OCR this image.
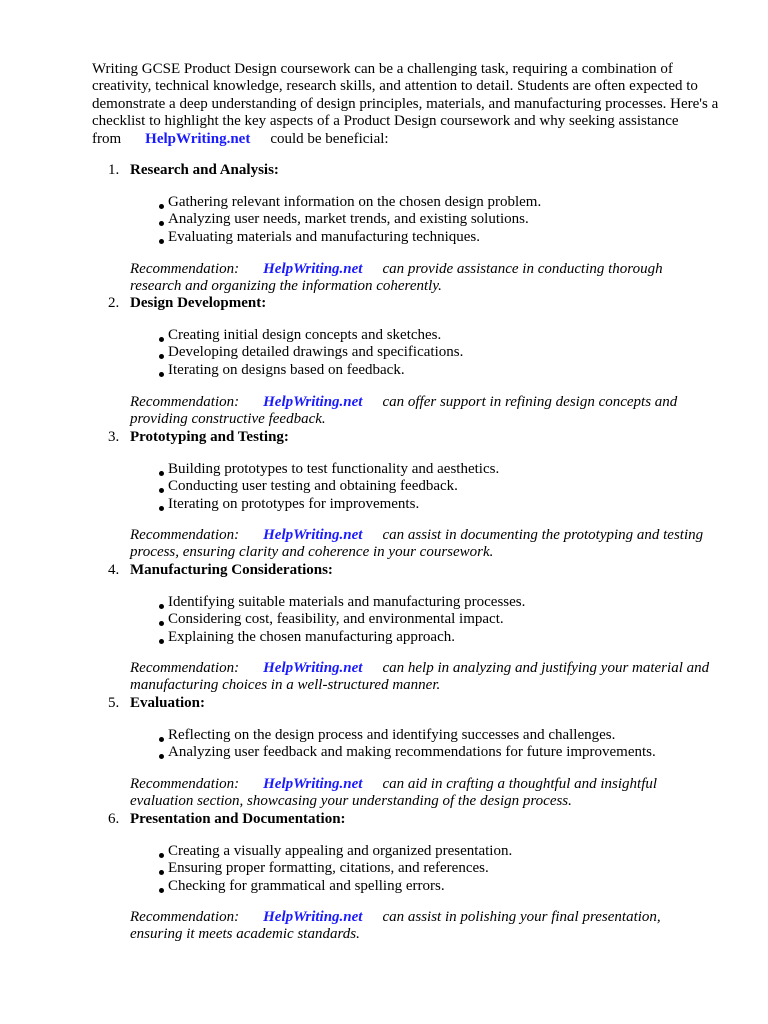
Writing GCSE Product Design coursework can be a challenging task, requiring a combination of creativity, technical knowledge, research skills, and attention to detail. Students are often expected to demonstrate a deep understanding of design principles, materials, and manufacturing processes. Here's a checklist to highlight the key aspects of a Product Design coursework and why seeking assistance from HelpWriting.net could be beneficial:

1. Research and Analysis:
Gathering relevant information on the chosen design problem.
Analyzing user needs, market trends, and existing solutions.
Evaluating materials and manufacturing techniques.

Recommendation: HelpWriting.net can provide assistance in conducting thorough research and organizing the information coherently.

2. Design Development:
Creating initial design concepts and sketches.
Developing detailed drawings and specifications.
Iterating on designs based on feedback.

Recommendation: HelpWriting.net can offer support in refining design concepts and providing constructive feedback.

3. Prototyping and Testing:
Building prototypes to test functionality and aesthetics.
Conducting user testing and obtaining feedback.
Iterating on prototypes for improvements.

Recommendation: HelpWriting.net can assist in documenting the prototyping and testing process, ensuring clarity and coherence in your coursework.

4. Manufacturing Considerations:
Identifying suitable materials and manufacturing processes.
Considering cost, feasibility, and environmental impact.
Explaining the chosen manufacturing approach.

Recommendation: HelpWriting.net can help in analyzing and justifying your material and manufacturing choices in a well-structured manner.

5. Evaluation:
Reflecting on the design process and identifying successes and challenges.
Analyzing user feedback and making recommendations for future improvements.

Recommendation: HelpWriting.net can aid in crafting a thoughtful and insightful evaluation section, showcasing your understanding of the design process.

6. Presentation and Documentation:
Creating a visually appealing and organized presentation.
Ensuring proper formatting, citations, and references.
Checking for grammatical and spelling errors.

Recommendation: HelpWriting.net can assist in polishing your final presentation, ensuring it meets academic standards.
